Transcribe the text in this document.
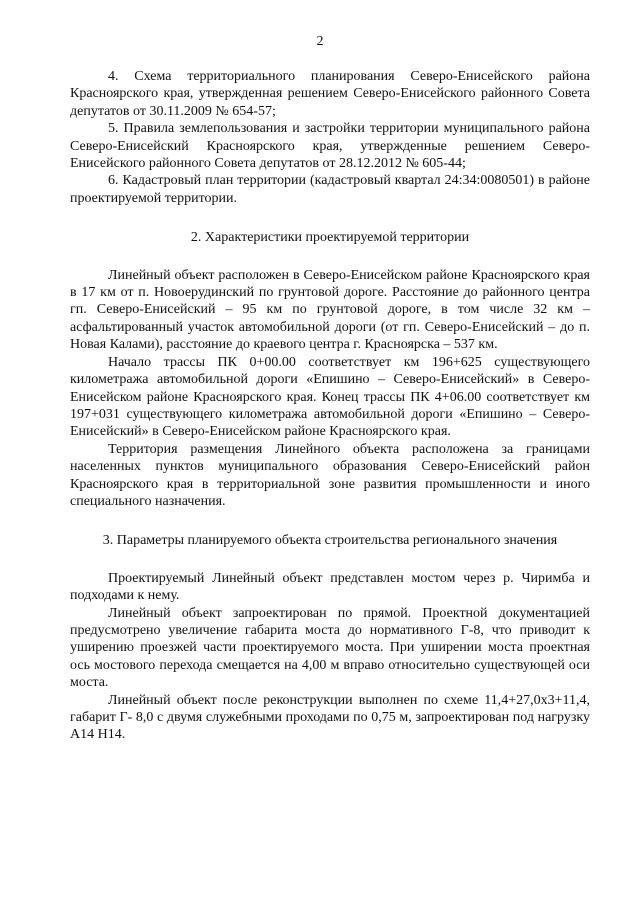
2

4. Схема территориального планирования Северо-Енисейского района Красноярского края, утвержденная решением Северо-Енисейского районного Совета депутатов от 30.11.2009 № 654-57;

5. Правила землепользования и застройки территории муниципального района Северо-Енисейский Красноярского края, утвержденные решением Северо-Енисейского районного Совета депутатов от 28.12.2012 № 605-44;

6. Кадастровый план территории (кадастровый квартал 24:34:0080501) в районе проектируемой территории.

2. Характеристики проектируемой территории

Линейный объект расположен в Северо-Енисейском районе Красноярского края в 17 км от п. Новоерудинский по грунтовой дороге. Расстояние до районного центра гп. Северо-Енисейский – 95 км по грунтовой дороге, в том числе 32 км – асфальтированный участок автомобильной дороги (от гп. Северо-Енисейский – до п. Новая Калами), расстояние до краевого центра г. Красноярска – 537 км.

Начало трассы ПК 0+00.00 соответствует км 196+625 существующего километража автомобильной дороги «Епишино – Северо-Енисейский» в Северо-Енисейском районе Красноярского края. Конец трассы ПК 4+06.00 соответствует км 197+031 существующего километража автомобильной дороги «Епишино – Северо-Енисейский» в Северо-Енисейском районе Красноярского края.

Территория размещения Линейного объекта расположена за границами населенных пунктов муниципального образования Северо-Енисейский район Красноярского края в территориальной зоне развития промышленности и иного специального назначения.

3. Параметры планируемого объекта строительства регионального значения

Проектируемый Линейный объект представлен мостом через р. Чиримба и подходами к нему.

Линейный объект запроектирован по прямой. Проектной документацией предусмотрено увеличение габарита моста до нормативного Г-8, что приводит к уширению проезжей части проектируемого моста. При уширении моста проектная ось мостового перехода смещается на 4,00 м вправо относительно существующей оси моста.

Линейный объект после реконструкции выполнен по схеме 11,4+27,0х3+11,4, габарит Г- 8,0 с двумя служебными проходами по 0,75 м, запроектирован под нагрузку А14 Н14.
